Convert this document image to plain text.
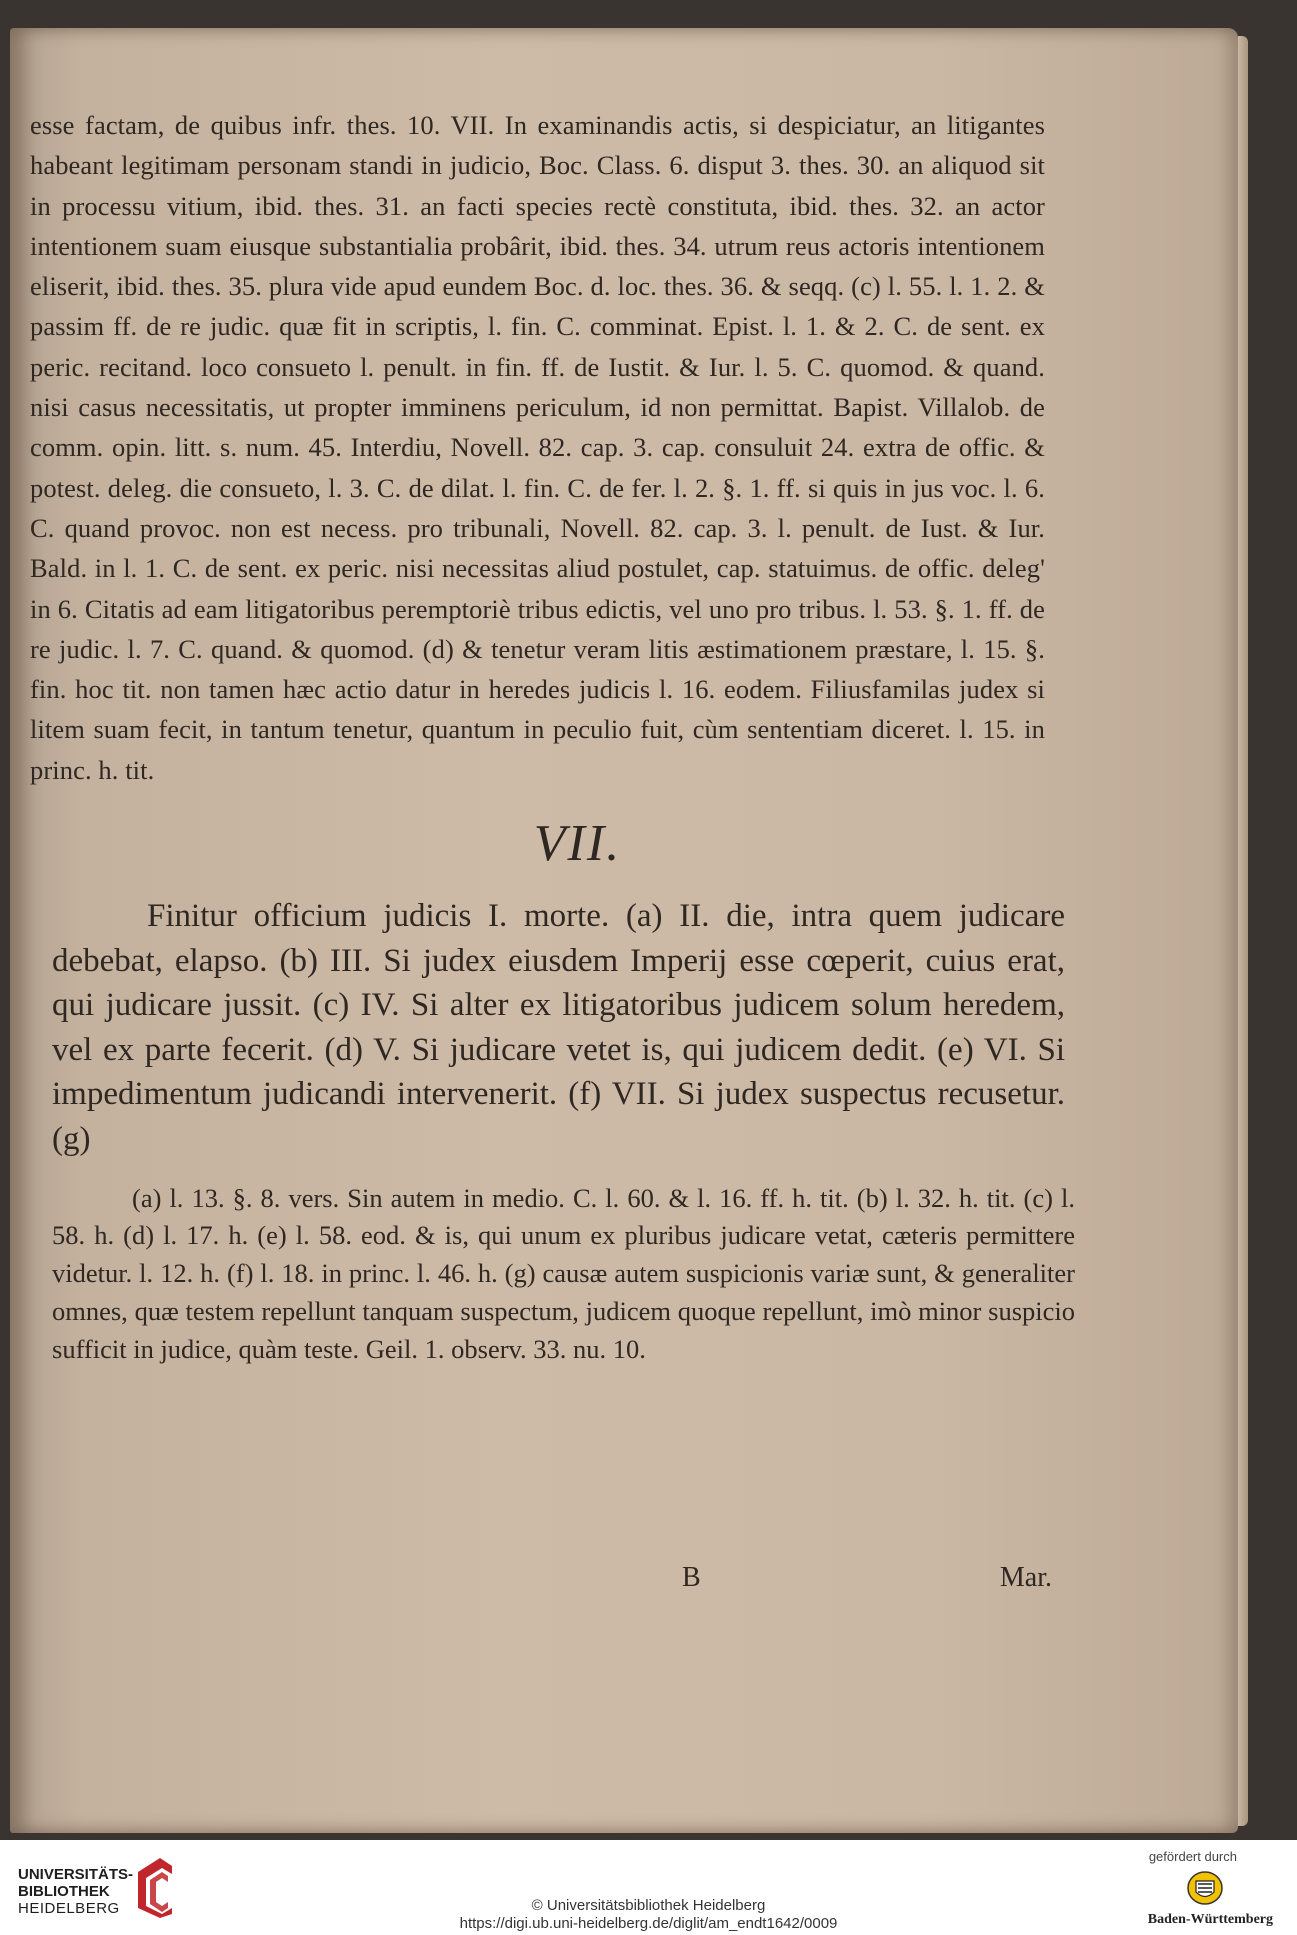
esse factam, de quibus infr. thes. 10. VII. In examinandis actis, si despiciatur, an litigantes habeant legitimam personam standi in judicio, Boc. Class. 6. disput 3. thes. 30. an aliquod sit in processu vitium, ibid. thes. 31. an facti species rectè constituta, ibid. thes. 32. an actor intentionem suam eiusque substantialia probârit, ibid. thes. 34. utrum reus actoris intentionem eliserit, ibid. thes. 35. plura vide apud eundem Boc. d. loc. thes. 36. & seqq. (c) l. 55. l. 1. 2. & passim ff. de re judic. quæ fit in scriptis, l. fin. C. comminat. Epist. l. 1. & 2. C. de sent. ex peric. recitand. loco consueto l. penult. in fin. ff. de Iustit. & Iur. l. 5. C. quomod. & quand. nisi casus necessitatis, ut propter imminens periculum, id non permittat. Bapist. Villalob. de comm. opin. litt. s. num. 45. Interdiu, Novell. 82. cap. 3. cap. consuluit 24. extra de offic. & potest. deleg. die consueto, l. 3. C. de dilat. l. fin. C. de fer. l. 2. §. 1. ff. si quis in jus voc. l. 6. C. quand provoc. non est necess. pro tribunali, Novell. 82. cap. 3. l. penult. de Iust. & Iur. Bald. in l. 1. C. de sent. ex peric. nisi necessitas aliud postulet, cap. statuimus. de offic. deleg' in 6. Citatis ad eam litigatoribus peremptoriè tribus edictis, vel uno pro tribus. l. 53. §. 1. ff. de re judic. l. 7. C. quand. & quomod. (d) & tenetur veram litis æstimationem præstare, l. 15. §. fin. hoc tit. non tamen hæc actio datur in heredes judicis l. 16. eodem. Filiusfamilas judex si litem suam fecit, in tantum tenetur, quantum in peculio fuit, cùm sententiam diceret. l. 15. in princ. h. tit.

VII.

Finitur officium judicis I. morte. (a) II. die, intra quem judicare debebat, elapso. (b) III. Si judex eiusdem Imperij esse cœperit, cuius erat, qui judicare jussit. (c) IV. Si alter ex litigatoribus judicem solum heredem, vel ex parte fecerit. (d) V. Si judicare vetet is, qui judicem dedit. (e) VI. Si impedimentum judicandi intervenerit. (f) VII. Si judex suspectus recusetur. (g)

(a) l. 13. §. 8. vers. Sin autem in medio. C. l. 60. & l. 16. ff. h. tit. (b) l. 32. h. tit. (c) l. 58. h. (d) l. 17. h. (e) l. 58. eod. & is, qui unum ex pluribus judicare vetat, cæteris permittere videtur. l. 12. h. (f) l. 18. in princ. l. 46. h. (g) causæ autem suspicionis variæ sunt, & generaliter omnes, quæ testem repellunt tanquam suspectum, judicem quoque repellunt, imò minor suspicio sufficit in judice, quàm teste. Geil. 1. observ. 33. nu. 10.

B	Mar.
UNIVERSITÄTS-
BIBLIOTHEK
HEIDELBERG	© Universitätsbibliothek Heidelberg
https://digi.ub.uni-heidelberg.de/diglit/am_endt1642/0009
gefördert durch
Baden-Württemberg
